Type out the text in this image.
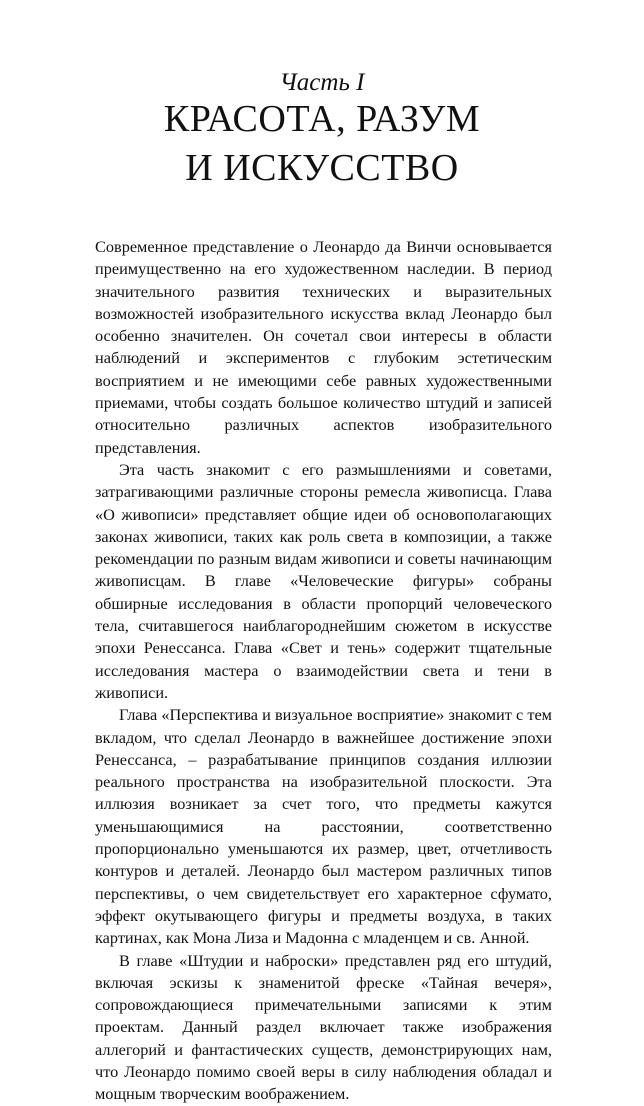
Часть I
КРАСОТА, РАЗУМ
И ИСКУССТВО

Современное представление о Леонардо да Винчи основывается преимущественно на его художественном наследии. В период значительного развития технических и выразительных возможностей изобразительного искусства вклад Леонардо был особенно значителен. Он сочетал свои интересы в области наблюдений и экспериментов с глубоким эстетическим восприятием и не имеющими себе равных художественными приемами, чтобы создать большое количество штудий и записей относительно различных аспектов изобразительного представления.

Эта часть знакомит с его размышлениями и советами, затрагивающими различные стороны ремесла живописца. Глава «О живописи» представляет общие идеи об основополагающих законах живописи, таких как роль света в композиции, а также рекомендации по разным видам живописи и советы начинающим живописцам. В главе «Человеческие фигуры» собраны обширные исследования в области пропорций человеческого тела, считавшегося наиблагороднейшим сюжетом в искусстве эпохи Ренессанса. Глава «Свет и тень» содержит тщательные исследования мастера о взаимодействии света и тени в живописи.

Глава «Перспектива и визуальное восприятие» знакомит с тем вкладом, что сделал Леонардо в важнейшее достижение эпохи Ренессанса, – разрабатывание принципов создания иллюзии реального пространства на изобразительной плоскости. Эта иллюзия возникает за счет того, что предметы кажутся уменьшающимися на расстоянии, соответственно пропорционально уменьшаются их размер, цвет, отчетливость контуров и деталей. Леонардо был мастером различных типов перспективы, о чем свидетельствует его характерное сфумато, эффект окутывающего фигуры и предметы воздуха, в таких картинах, как Мона Лиза и Мадонна с младенцем и св. Анной.

В главе «Штудии и наброски» представлен ряд его штудий, включая эскизы к знаменитой фреске «Тайная вечеря», сопровождающиеся примечательными записями к этим проектам. Данный раздел включает также изображения аллегорий и фантастических существ, демонстрирующих нам, что Леонардо помимо своей веры в силу наблюдения обладал и мощным творческим воображением.
